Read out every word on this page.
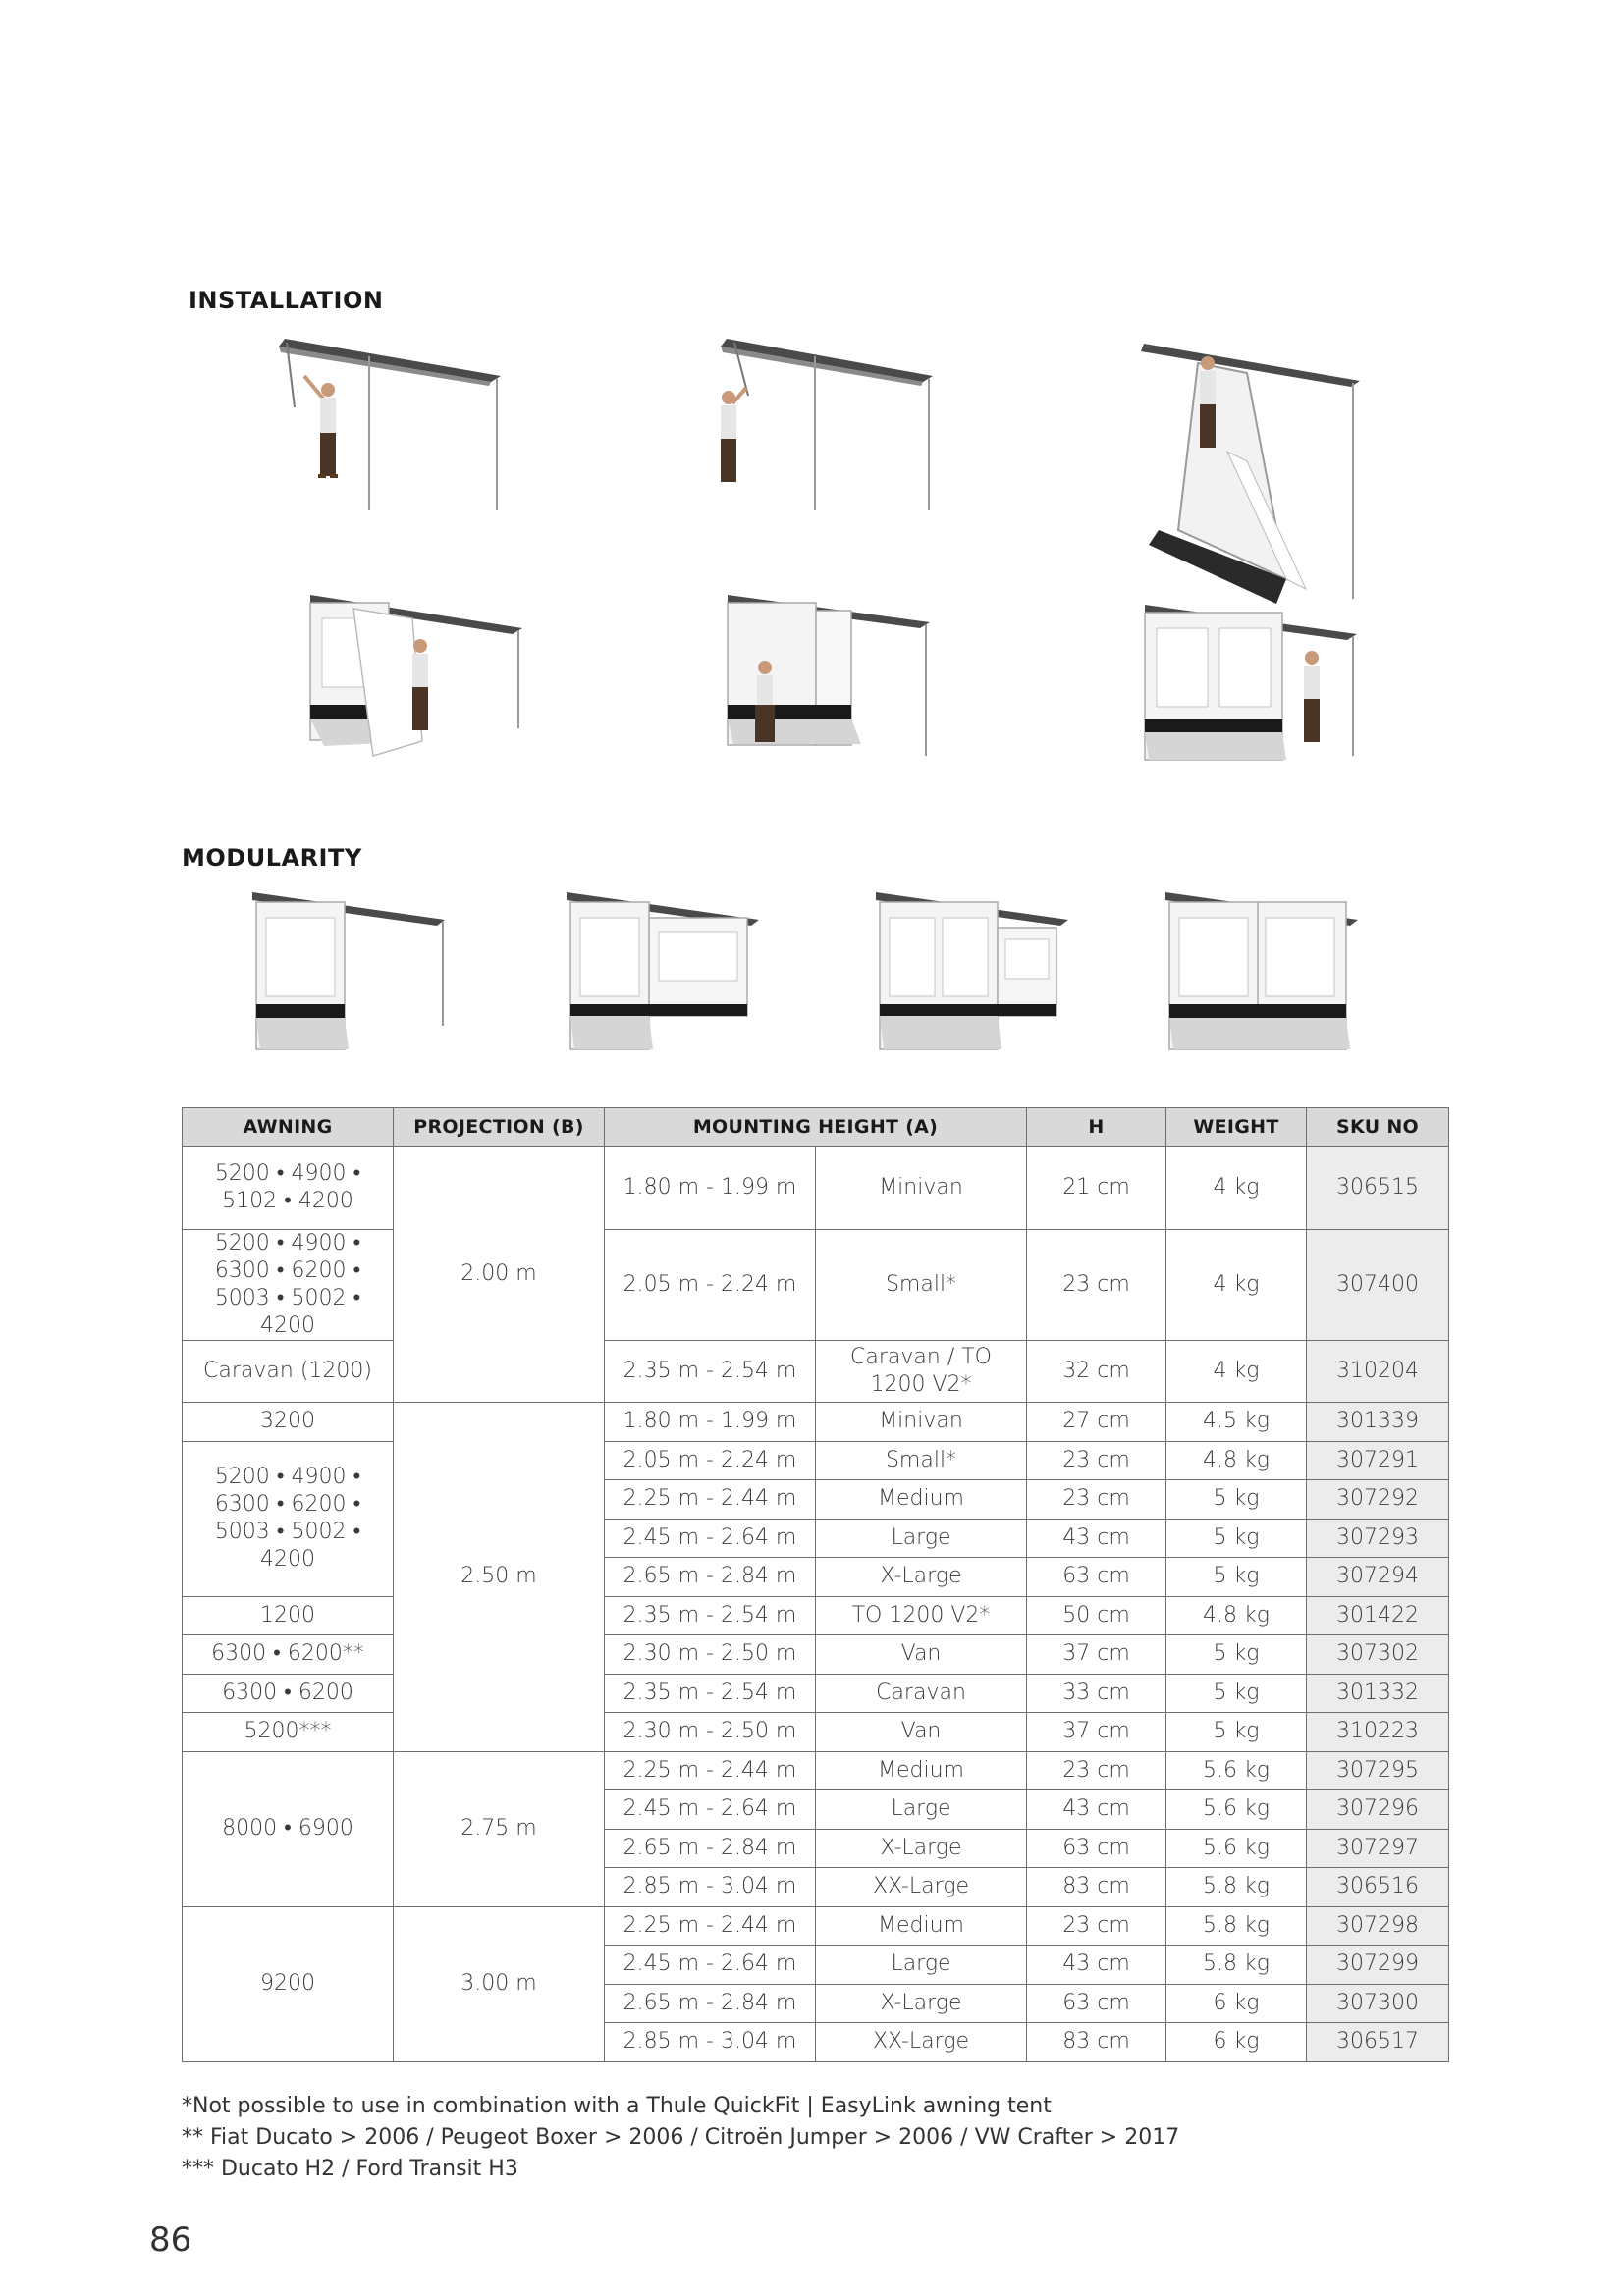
INSTALLATION
MODULARITY
AWNING	PROJECTION (B)	MOUNTING HEIGHT (A)		H	WEIGHT	SKU NO
5200 • 4900 • 5102 • 4200	2.00 m	1.80 m - 1.99 m	Minivan	21 cm	4 kg	306515
5200 • 4900 • 6300 • 6200 • 5003 • 5002 • 4200		2.05 m - 2.24 m	Small*	23 cm	4 kg	307400
Caravan (1200)		2.35 m - 2.54 m	Caravan / TO 1200 V2*	32 cm	4 kg	310204
3200	2.50 m	1.80 m - 1.99 m	Minivan	27 cm	4.5 kg	301339
5200 • 4900 • 6300 • 6200 • 5003 • 5002 • 4200		2.05 m - 2.24 m	Small*	23 cm	4.8 kg	307291
		2.25 m - 2.44 m	Medium	23 cm	5 kg	307292
		2.45 m - 2.64 m	Large	43 cm	5 kg	307293
		2.65 m - 2.84 m	X-Large	63 cm	5 kg	307294
1200		2.35 m - 2.54 m	TO 1200 V2*	50 cm	4.8 kg	301422
6300 • 6200**		2.30 m - 2.50 m	Van	37 cm	5 kg	307302
6300 • 6200		2.35 m - 2.54 m	Caravan	33 cm	5 kg	301332
5200***		2.30 m - 2.50 m	Van	37 cm	5 kg	310223
8000 • 6900	2.75 m	2.25 m - 2.44 m	Medium	23 cm	5.6 kg	307295
		2.45 m - 2.64 m	Large	43 cm	5.6 kg	307296
		2.65 m - 2.84 m	X-Large	63 cm	5.6 kg	307297
		2.85 m - 3.04 m	XX-Large	83 cm	5.8 kg	306516
9200	3.00 m	2.25 m - 2.44 m	Medium	23 cm	5.8 kg	307298
		2.45 m - 2.64 m	Large	43 cm	5.8 kg	307299
		2.65 m - 2.84 m	X-Large	63 cm	6 kg	307300
		2.85 m - 3.04 m	XX-Large	83 cm	6 kg	306517
*Not possible to use in combination with a Thule QuickFit | EasyLink awning tent
** Fiat Ducato > 2006 / Peugeot Boxer > 2006 / Citroën Jumper > 2006 / VW Crafter > 2017
*** Ducato H2 / Ford Transit H3
86
